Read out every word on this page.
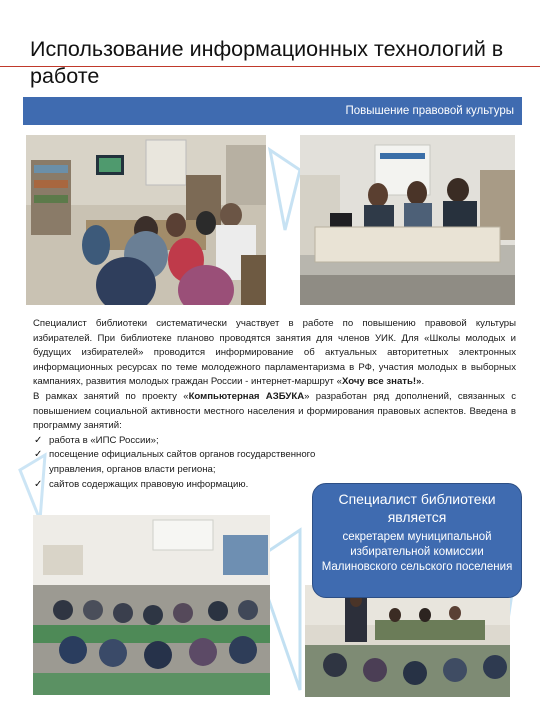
Использование информационных технологий в работе
Повышение правовой культуры

Специалист библиотеки систематически участвует в работе по повышению правовой культуры избирателей. При библиотеке планово проводятся занятия для членов УИК. Для «Школы молодых и будущих избирателей» проводится информирование об актуальных авторитетных электронных информационных ресурсах по теме молодежного парламентаризма в РФ, участия молодых в выборных кампаниях, развития молодых граждан России - интернет-маршрут «Хочу все знать!».

В рамках занятий по проекту «Компьютерная АЗБУКА» разработан ряд дополнений, связанных с повышением социальной активности местного населения и формирования правовых аспектов. Введена в программу занятий:

✓ работа в «ИПС России»;
✓ посещение официальных сайтов органов государственного управления, органов власти региона;
✓ сайтов содержащих правовую информацию.
Специалист библиотеки является
секретарем муниципальной избирательной комиссии Малиновского сельского поселения
